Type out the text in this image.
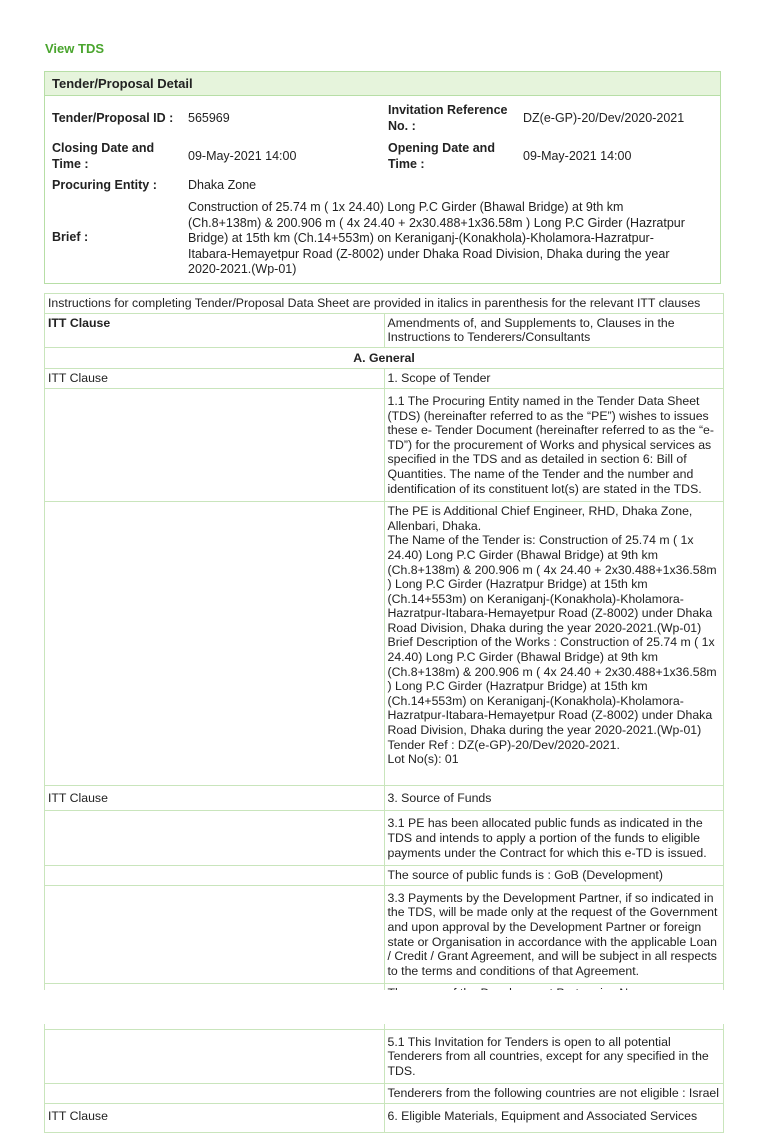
View TDS
Tender/Proposal Detail
Tender/Proposal ID : 565969
Invitation Reference
No. :
DZ(e-GP)-20/Dev/2020-2021
Closing Date and
Time :
09-May-2021 14:00
Opening Date and
Time :
09-May-2021 14:00
Procuring Entity : Dhaka Zone
Brief :
Construction of 25.74 m ( 1x 24.40) Long P.C Girder (Bhawal Bridge) at 9th km
(Ch.8+138m) & 200.906 m ( 4x 24.40 + 2x30.488+1x36.58m ) Long P.C Girder (Hazratpur
Bridge) at 15th km (Ch.14+553m) on Keraniganj-(Konakhola)-Kholamora-Hazratpur-
Itabara-Hemayetpur Road (Z-8002) under Dhaka Road Division, Dhaka during the year
2020-2021.(Wp-01)
Instructions for completing Tender/Proposal Data Sheet are provided in italics in parenthesis for the relevant ITT clauses	
ITT Clause	Amendments of, and Supplements to, Clauses in the Instructions to Tenderers/Consultants
A. General	
ITT Clause	1. Scope of Tender
	1.1 The Procuring Entity named in the Tender Data Sheet (TDS) (hereinafter referred to as the “PE”) wishes to issues these e- Tender Document (hereinafter referred to as the “e-TD”) for the procurement of Works and physical services as specified in the TDS and as detailed in section 6: Bill of Quantities. The name of the Tender and the number and identification of its constituent lot(s) are stated in the TDS.

	The PE is Additional Chief Engineer, RHD, Dhaka Zone, Allenbari, Dhaka.
The Name of the Tender is: Construction of 25.74 m ( 1x 24.40) Long P.C Girder (Bhawal Bridge) at 9th km (Ch.8+138m) & 200.906 m ( 4x 24.40 + 2x30.488+1x36.58m ) Long P.C Girder (Hazratpur Bridge) at 15th km (Ch.14+553m) on Keraniganj-(Konakhola)-Kholamora-Hazratpur-Itabara-Hemayetpur Road (Z-8002) under Dhaka Road Division, Dhaka during the year 2020-2021.(Wp-01)
Brief Description of the Works : Construction of 25.74 m ( 1x 24.40) Long P.C Girder (Bhawal Bridge) at 9th km (Ch.8+138m) & 200.906 m ( 4x 24.40 + 2x30.488+1x36.58m ) Long P.C Girder (Hazratpur Bridge) at 15th km (Ch.14+553m) on Keraniganj-(Konakhola)-Kholamora-Hazratpur-Itabara-Hemayetpur Road (Z-8002) under Dhaka Road Division, Dhaka during the year 2020-2021.(Wp-01)
Tender Ref : DZ(e-GP)-20/Dev/2020-2021.
Lot No(s): 01

ITT Clause	3. Source of Funds
	3.1 PE has been allocated public funds as indicated in the TDS and intends to apply a portion of the funds to eligible payments under the Contract for which this e-TD is issued.
	The source of public funds is : GoB (Development)
	3.3 Payments by the Development Partner, if so indicated in the TDS, will be made only at the request of the Government and upon approval by the Development Partner or foreign state or Organisation in accordance with the applicable Loan / Credit / Grant Agreement, and will be subject in all respects to the terms and conditions of that Agreement.

	5.1 This Invitation for Tenders is open to all potential Tenderers from all countries, except for any specified in the TDS.
	Tenderers from the following countries are not eligible : Israel
ITT Clause	6. Eligible Materials, Equipment and Associated Services
